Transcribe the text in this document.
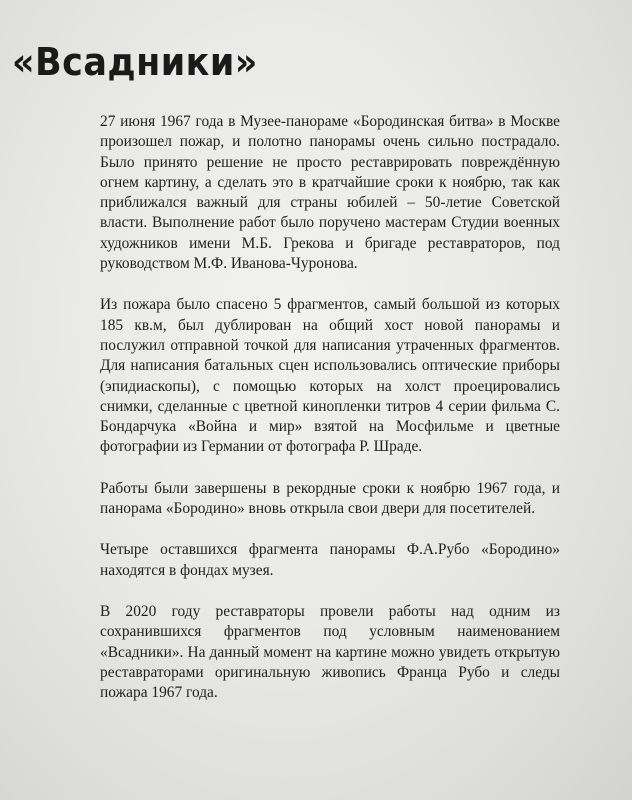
«Всадники»

27 июня 1967 года в Музее-панораме «Бородинская битва» в Москве произошел пожар, и полотно панорамы очень сильно пострадало. Было принято решение не просто реставрировать повреждённую огнем картину, а сделать это в кратчайшие сроки к ноябрю, так как приближался важный для страны юбилей – 50-летие Советской власти. Выполнение работ было поручено мастерам Студии военных художников имени М.Б. Грекова и бригаде реставраторов, под руководством М.Ф. Иванова-Чуронова.

Из пожара было спасено 5 фрагментов, самый большой из которых 185 кв.м, был дублирован на общий хост новой панорамы и послужил отправной точкой для написания утраченных фрагментов. Для написания батальных сцен использовались оптические приборы (эпидиаскопы), с помощью которых на холст проецировались снимки, сделанные с цветной кинопленки титров 4 серии фильма С. Бондарчука «Война и мир» взятой на Мосфильме и цветные фотографии из Германии от фотографа Р. Шраде.

Работы были завершены в рекордные сроки к ноябрю 1967 года, и панорама «Бородино» вновь открыла свои двери для посетителей.

Четыре оставшихся фрагмента панорамы Ф.А.Рубо «Бородино» находятся в фондах музея.

В 2020 году реставраторы провели работы над одним из сохранившихся фрагментов под условным наименованием «Всадники». На данный момент на картине можно увидеть открытую реставраторами оригинальную живопись Франца Рубо и следы пожара 1967 года.
